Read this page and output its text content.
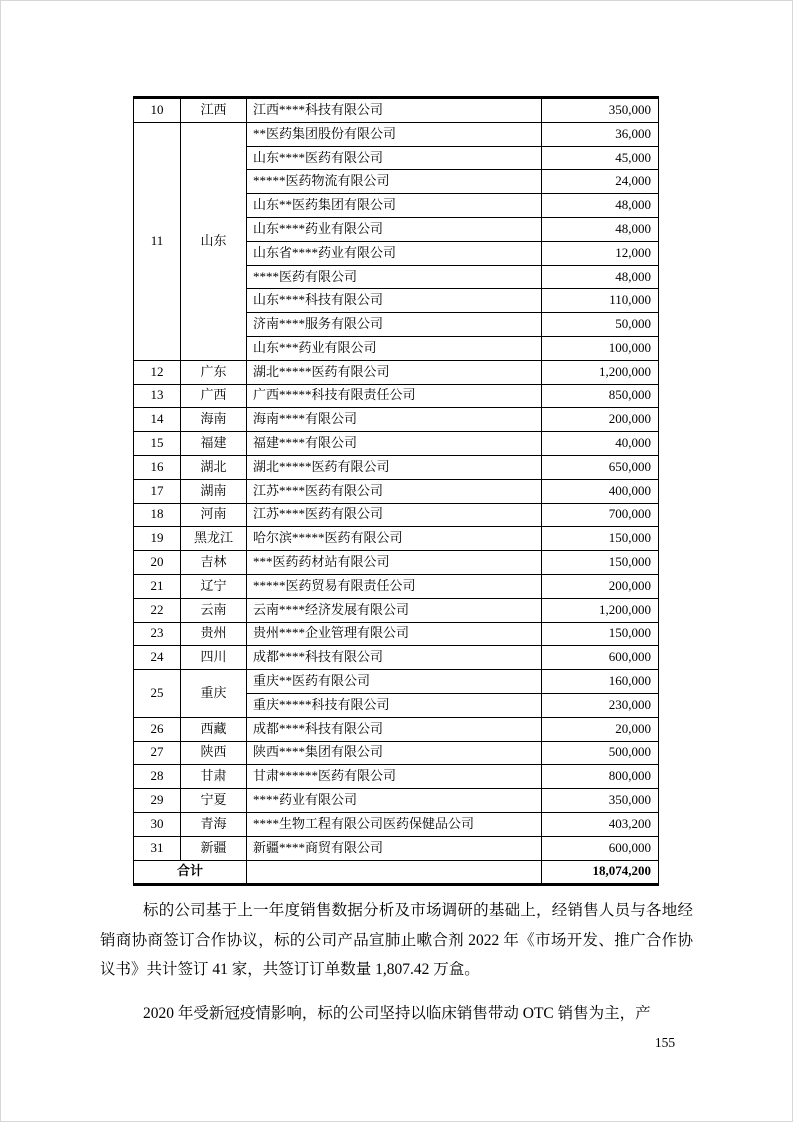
10	江西	江西****科技有限公司	350,000
11	山东	**医药集团股份有限公司	36,000
		山东****医药有限公司	45,000
		*****医药物流有限公司	24,000
		山东**医药集团有限公司	48,000
		山东****药业有限公司	48,000
		山东省****药业有限公司	12,000
		****医药有限公司	48,000
		山东****科技有限公司	110,000
		济南****服务有限公司	50,000
		山东***药业有限公司	100,000
12	广东	湖北*****医药有限公司	1,200,000
13	广西	广西*****科技有限责任公司	850,000
14	海南	海南****有限公司	200,000
15	福建	福建****有限公司	40,000
16	湖北	湖北*****医药有限公司	650,000
17	湖南	江苏****医药有限公司	400,000
18	河南	江苏****医药有限公司	700,000
19	黑龙江	哈尔滨*****医药有限公司	150,000
20	吉林	***医药药材站有限公司	150,000
21	辽宁	*****医药贸易有限责任公司	200,000
22	云南	云南****经济发展有限公司	1,200,000
23	贵州	贵州****企业管理有限公司	150,000
24	四川	成都****科技有限公司	600,000
25	重庆	重庆**医药有限公司	160,000
		重庆*****科技有限公司	230,000
26	西藏	成都****科技有限公司	20,000
27	陕西	陕西****集团有限公司	500,000
28	甘肃	甘肃******医药有限公司	800,000
29	宁夏	****药业有限公司	350,000
30	青海	****生物工程有限公司医药保健品公司	403,200
31	新疆	新疆****商贸有限公司	600,000
合计			18,074,200

标的公司基于上一年度销售数据分析及市场调研的基础上，经销售人员与各地经销商协商签订合作协议，标的公司产品宣肺止嗽合剂 2022 年《市场开发、推广合作协议书》共计签订 41 家，共签订订单数量 1,807.42 万盒。

2020 年受新冠疫情影响，标的公司坚持以临床销售带动 OTC 销售为主，产

155
